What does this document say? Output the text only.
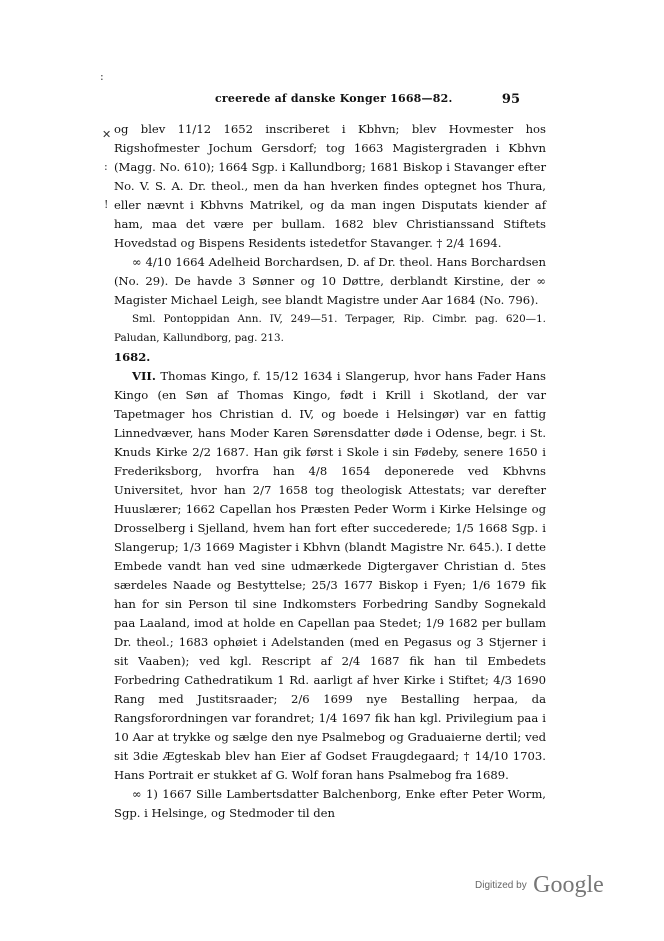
creerede af danske Konger 1668—82.	95
:
✕
:
!

og blev 11/12 1652 inscriberet i Kbhvn; blev Hovmester hos Rigshofmester Jochum Gersdorf; tog 1663 Magistergraden i Kbhvn (Magg. No. 610); 1664 Sgp. i Kallundborg; 1681 Biskop i Stavanger efter No. V. S. A. Dr. theol., men da han hverken findes optegnet hos Thura, eller nævnt i Kbhvns Matrikel, og da man ingen Disputats kiender af ham, maa det være per bullam. 1682 blev Christianssand Stiftets Hovedstad og Bispens Residents istedetfor Stavanger. † 2/4 1694.

∞ 4/10 1664 Adelheid Borchardsen, D. af Dr. theol. Hans Borchardsen (No. 29). De havde 3 Sønner og 10 Døttre, derblandt Kirstine, der ∞ Magister Michael Leigh, see blandt Magistre under Aar 1684 (No. 796).

Sml. Pontoppidan Ann. IV, 249—51. Terpager, Rip. Cimbr. pag. 620—1. Paludan, Kallundborg, pag. 213.

1682.

VII. Thomas Kingo, f. 15/12 1634 i Slangerup, hvor hans Fader Hans Kingo (en Søn af Thomas Kingo, født i Krill i Skotland, der var Tapetmager hos Christian d. IV, og boede i Helsingør) var en fattig Linnedvæver, hans Moder Karen Sørensdatter døde i Odense, begr. i St. Knuds Kirke 2/2 1687. Han gik først i Skole i sin Fødeby, senere 1650 i Frederiksborg, hvorfra han 4/8 1654 deponerede ved Kbhvns Universitet, hvor han 2/7 1658 tog theologisk Attestats; var derefter Huuslærer; 1662 Capellan hos Præsten Peder Worm i Kirke Helsinge og Drosselberg i Sjelland, hvem han fort efter succederede; 1/5 1668 Sgp. i Slangerup; 1/3 1669 Magister i Kbhvn (blandt Magistre Nr. 645.). I dette Embede vandt han ved sine udmærkede Digtergaver Christian d. 5tes særdeles Naade og Bestyttelse; 25/3 1677 Biskop i Fyen; 1/6 1679 fik han for sin Person til sine Indkomsters Forbedring Sandby Sognekald paa Laaland, imod at holde en Capellan paa Stedet; 1/9 1682 per bullam Dr. theol.; 1683 ophøiet i Adelstanden (med en Pegasus og 3 Stjerner i sit Vaaben); ved kgl. Rescript af 2/4 1687 fik han til Embedets Forbedring Cathedratikum 1 Rd. aarligt af hver Kirke i Stiftet; 4/3 1690 Rang med Justitsraader; 2/6 1699 nye Bestalling herpaa, da Rangsforordningen var forandret; 1/4 1697 fik han kgl. Privilegium paa i 10 Aar at trykke og sælge den nye Psalmebog og Graduaierne dertil; ved sit 3die Ægteskab blev han Eier af Godset Fraugdegaard; † 14/10 1703. Hans Portrait er stukket af G. Wolf foran hans Psalmebog fra 1689.

∞ 1) 1667 Sille Lambertsdatter Balchenborg, Enke efter Peter Worm, Sgp. i Helsinge, og Stedmoder til den

$^{Digitized by}$ Google
